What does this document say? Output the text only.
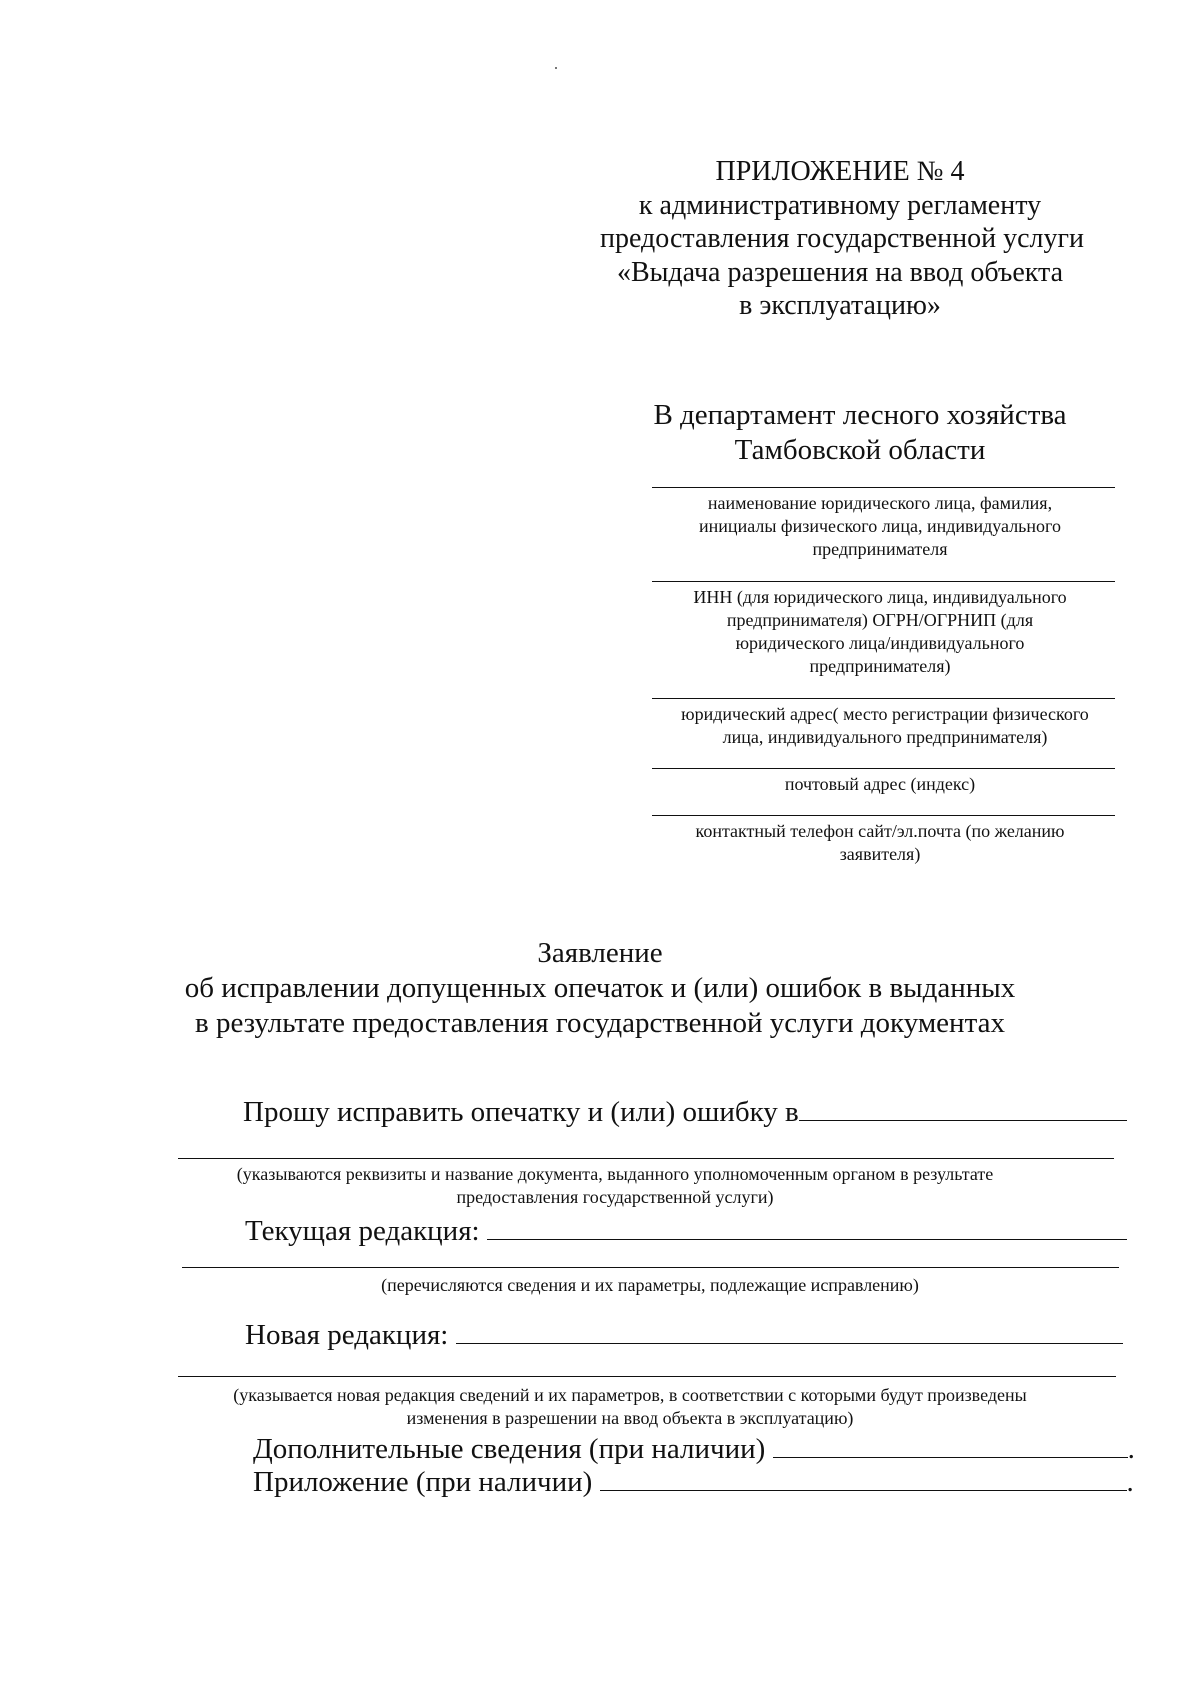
ПРИЛОЖЕНИЕ № 4
к административному регламенту
предоставления государственной услуги
«Выдача разрешения на ввод объекта
в эксплуатацию»
В департамент лесного хозяйства
Тамбовской области
наименование юридического лица, фамилия,
инициалы физического лица, индивидуального
предпринимателя
ИНН (для юридического лица, индивидуального
предпринимателя) ОГРН/ОГРНИП (для
юридического лица/индивидуального
предпринимателя)
юридический адрес( место регистрации физического
лица, индивидуального предпринимателя)
почтовый адрес (индекс)
контактный телефон сайт/эл.почта (по желанию
заявителя)
Заявление
об исправлении допущенных опечаток и (или) ошибок в выданных
в результате предоставления государственной услуги документах
Прошу исправить опечатку и (или) ошибку в
(указываются реквизиты и название документа, выданного уполномоченным органом в результате
предоставления государственной услуги)
Текущая редакция:
(перечисляются сведения и их параметры, подлежащие исправлению)
Новая редакция:
(указывается новая редакция сведений и их параметров, в соответствии с которыми будут произведены
изменения в разрешении на ввод объекта в эксплуатацию)
Дополнительные сведения (при наличии)	.
Приложение (при наличии)	.
